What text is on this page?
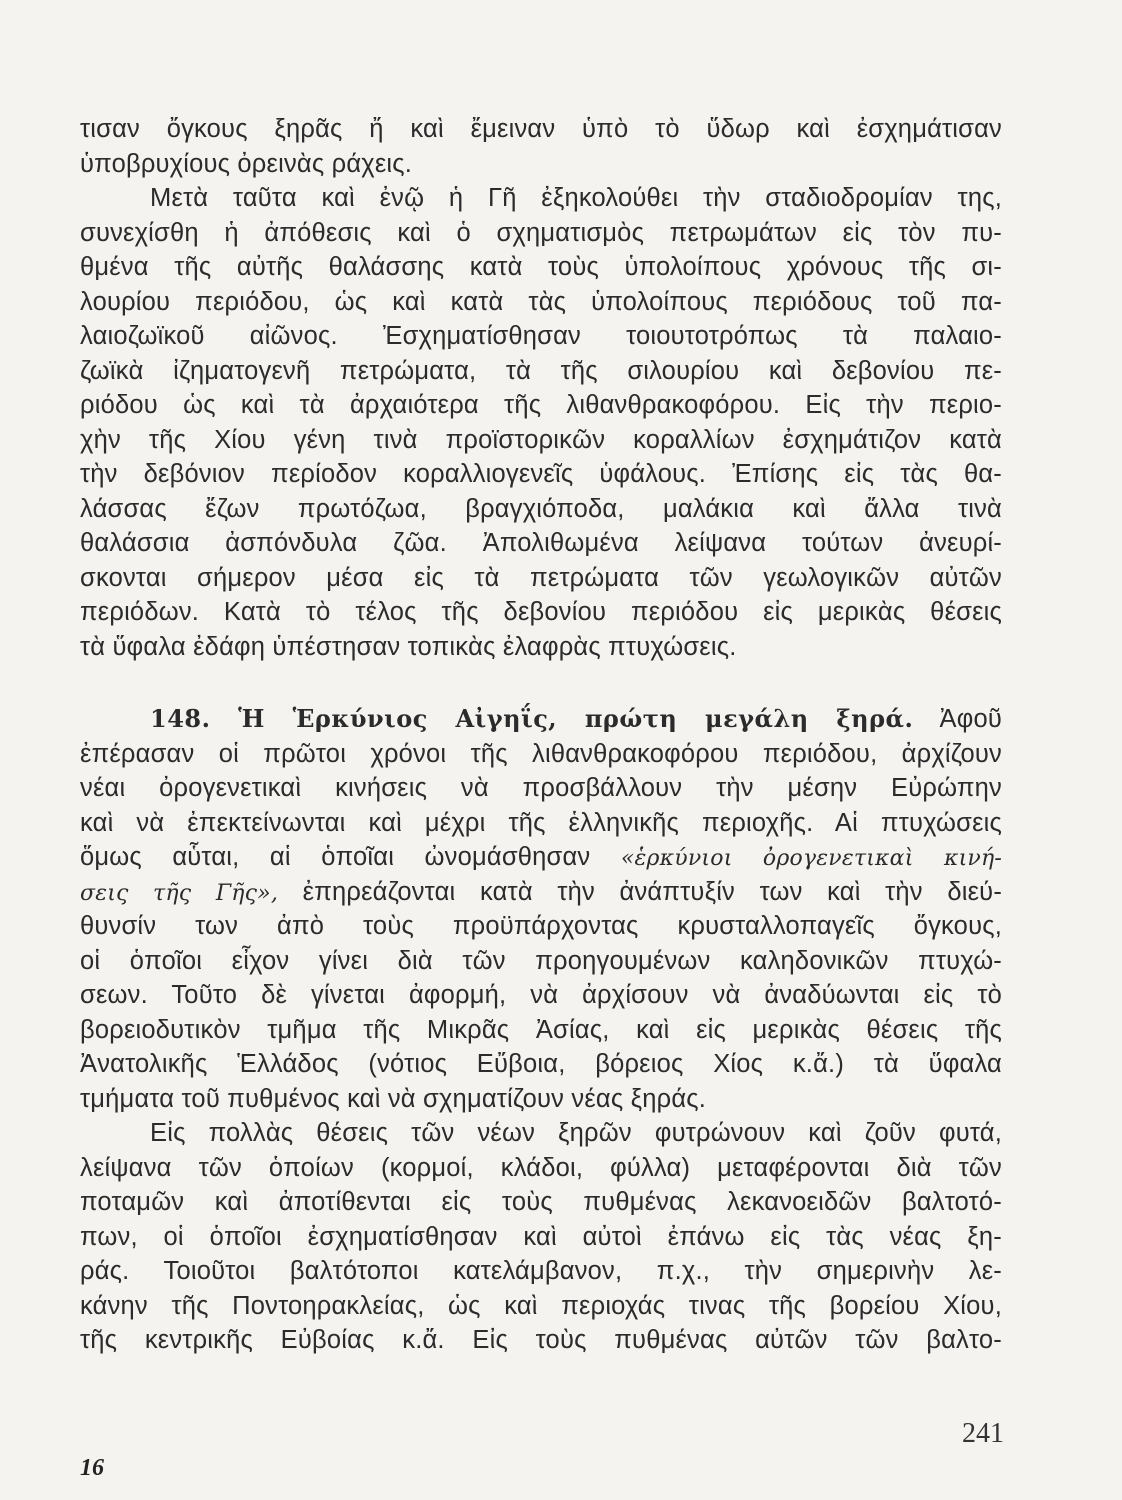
τισαν ὄγκους ξηρᾶς ἤ καὶ ἔμειναν ὑπὸ τὸ ὕδωρ καὶ ἐσχημάτισαν
ὑποβρυχίους ὀρεινὰς ράχεις.
Μετὰ ταῦτα καὶ ἐνῷ ἡ Γῆ ἐξηκολούθει τὴν σταδιοδρομίαν της,
συνεχίσθη ἡ ἀπόθεσις καὶ ὁ σχηματισμὸς πετρωμάτων εἰς τὸν πυ-
θμένα τῆς αὐτῆς θαλάσσης κατὰ τοὺς ὑπολοίπους χρόνους τῆς σι-
λουρίου περιόδου, ὡς καὶ κατὰ τὰς ὑπολοίπους περιόδους τοῦ πα-
λαιοζωϊκοῦ αἰῶνος. Ἐσχηματίσθησαν τοιουτοτρόπως τὰ παλαιο-
ζωϊκὰ ἰζηματογενῆ πετρώματα, τὰ τῆς σιλουρίου καὶ δεβονίου πε-
ριόδου ὡς καὶ τὰ ἀρχαιότερα τῆς λιθανθρακοφόρου. Εἰς τὴν περιο-
χὴν τῆς Χίου γένη τινὰ προϊστορικῶν κοραλλίων ἐσχημάτιζον κατὰ
τὴν δεβόνιον περίοδον κοραλλιογενεῖς ὑφάλους. Ἐπίσης εἰς τὰς θα-
λάσσας ἔζων πρωτόζωα, βραγχιόποδα, μαλάκια καὶ ἄλλα τινὰ
θαλάσσια ἀσπόνδυλα ζῶα. Ἀπολιθωμένα λείψανα τούτων ἀνευρί-
σκονται σήμερον μέσα εἰς τὰ πετρώματα τῶν γεωλογικῶν αὐτῶν
περιόδων. Κατὰ τὸ τέλος τῆς δεβονίου περιόδου εἰς μερικὰς θέσεις
τὰ ὕφαλα ἐδάφη ὑπέστησαν τοπικὰς ἐλαφρὰς πτυχώσεις.
148. Ἡ Ἑρκύνιος Αἰγηΐς, πρώτη μεγάλη ξηρά. Ἀφοῦ
ἐπέρασαν οἱ πρῶτοι χρόνοι τῆς λιθανθρακοφόρου περιόδου, ἀρχίζουν
νέαι ὀρογενετικαὶ κινήσεις νὰ προσβάλλουν τὴν μέσην Εὐρώπην
καὶ νὰ ἐπεκτείνωνται καὶ μέχρι τῆς ἑλληνικῆς περιοχῆς. Αἱ πτυχώσεις
ὅμως αὗται, αἱ ὁποῖαι ὠνομάσθησαν «ἑρκύνιοι ὀρογενετικαὶ κινή-
σεις τῆς Γῆς», ἐπηρεάζονται κατὰ τὴν ἀνάπτυξίν των καὶ τὴν διεύ-
θυνσίν των ἀπὸ τοὺς προϋπάρχοντας κρυσταλλοπαγεῖς ὄγκους,
οἱ ὁποῖοι εἶχον γίνει διὰ τῶν προηγουμένων καληδονικῶν πτυχώ-
σεων. Τοῦτο δὲ γίνεται ἀφορμή, νὰ ἀρχίσουν νὰ ἀναδύωνται εἰς τὸ
βορειοδυτικὸν τμῆμα τῆς Μικρᾶς Ἀσίας, καὶ εἰς μερικὰς θέσεις τῆς
Ἀνατολικῆς Ἑλλάδος (νότιος Εὔβοια, βόρειος Χίος κ.ἄ.) τὰ ὕφαλα
τμήματα τοῦ πυθμένος καὶ νὰ σχηματίζουν νέας ξηράς.
Εἰς πολλὰς θέσεις τῶν νέων ξηρῶν φυτρώνουν καὶ ζοῦν φυτά,
λείψανα τῶν ὁποίων (κορμοί, κλάδοι, φύλλα) μεταφέρονται διὰ τῶν
ποταμῶν καὶ ἀποτίθενται εἰς τοὺς πυθμένας λεκανοειδῶν βαλτοτό-
πων, οἱ ὁποῖοι ἐσχηματίσθησαν καὶ αὐτοὶ ἐπάνω εἰς τὰς νέας ξη-
ράς. Τοιοῦτοι βαλτότοποι κατελάμβανον, π.χ., τὴν σημερινὴν λε-
κάνην τῆς Ποντοηρακλείας, ὡς καὶ περιοχάς τινας τῆς βορείου Χίου,
τῆς κεντρικῆς Εὐβοίας κ.ἄ. Εἰς τοὺς πυθμένας αὐτῶν τῶν βαλτο-
241
16
